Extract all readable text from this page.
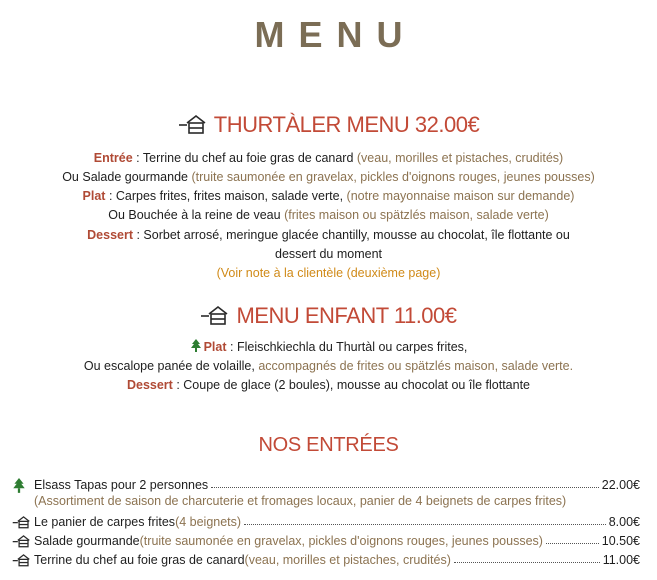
MENU
THURTÀLER MENU 32.00€
Entrée : Terrine du chef au foie gras de canard (veau, morilles et pistaches, crudités)
Ou Salade gourmande (truite saumonée en gravelax, pickles d'oignons rouges, jeunes pousses)
Plat : Carpes frites, frites maison, salade verte, (notre mayonnaise maison sur demande)
Ou Bouchée à la reine de veau (frites maison ou spätzlés maison, salade verte)
Dessert : Sorbet arrosé, meringue glacée chantilly, mousse au chocolat, île flottante ou
dessert du moment
(Voir note à la clientèle (deuxième page)
MENU ENFANT 11.00€
Plat : Fleischkiechla du Thurtàl ou carpes frites,
Ou escalope panée de volaille, accompagnés de frites ou spätzlés maison, salade verte.
Dessert : Coupe de glace (2 boules), mousse au chocolat ou île flottante
NOS ENTRÉES
Elsass Tapas pour 2 personnes	22.00€
(Assortiment de saison de charcuterie et fromages locaux, panier de 4 beignets de carpes frites)
Le panier de carpes frites (4 beignets)	8.00€
Salade gourmande (truite saumonée en gravelax, pickles d'oignons rouges, jeunes pousses)	10.50€
Terrine du chef au foie gras de canard (veau, morilles et pistaches, crudités)	11.00€
